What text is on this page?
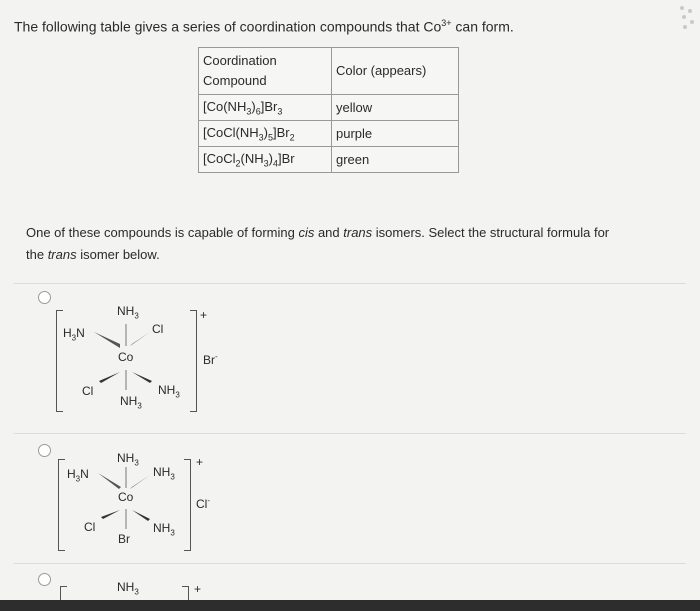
The following table gives a series of coordination compounds that $Co^{3+}$ can form.
Coordination
Compound	Color (appears)
$[Co(NH_3)_6]Br_3$	yellow
$[CoCl(NH_3)_5]Br_2$	purple
$[CoCl_2(NH_3)_4]Br$	green
One of these compounds is capable of forming cis and trans isomers. Select the structural formula for the trans isomer below.
$NH_3$
$H_3N$	Cl
Co
Cl	$NH_3$
$NH_3$
+
Br-
$NH_3$
$H_3N$	$NH_3$
Co
Cl	$NH_3$
Br
+
Cl-
$NH_3$	+
